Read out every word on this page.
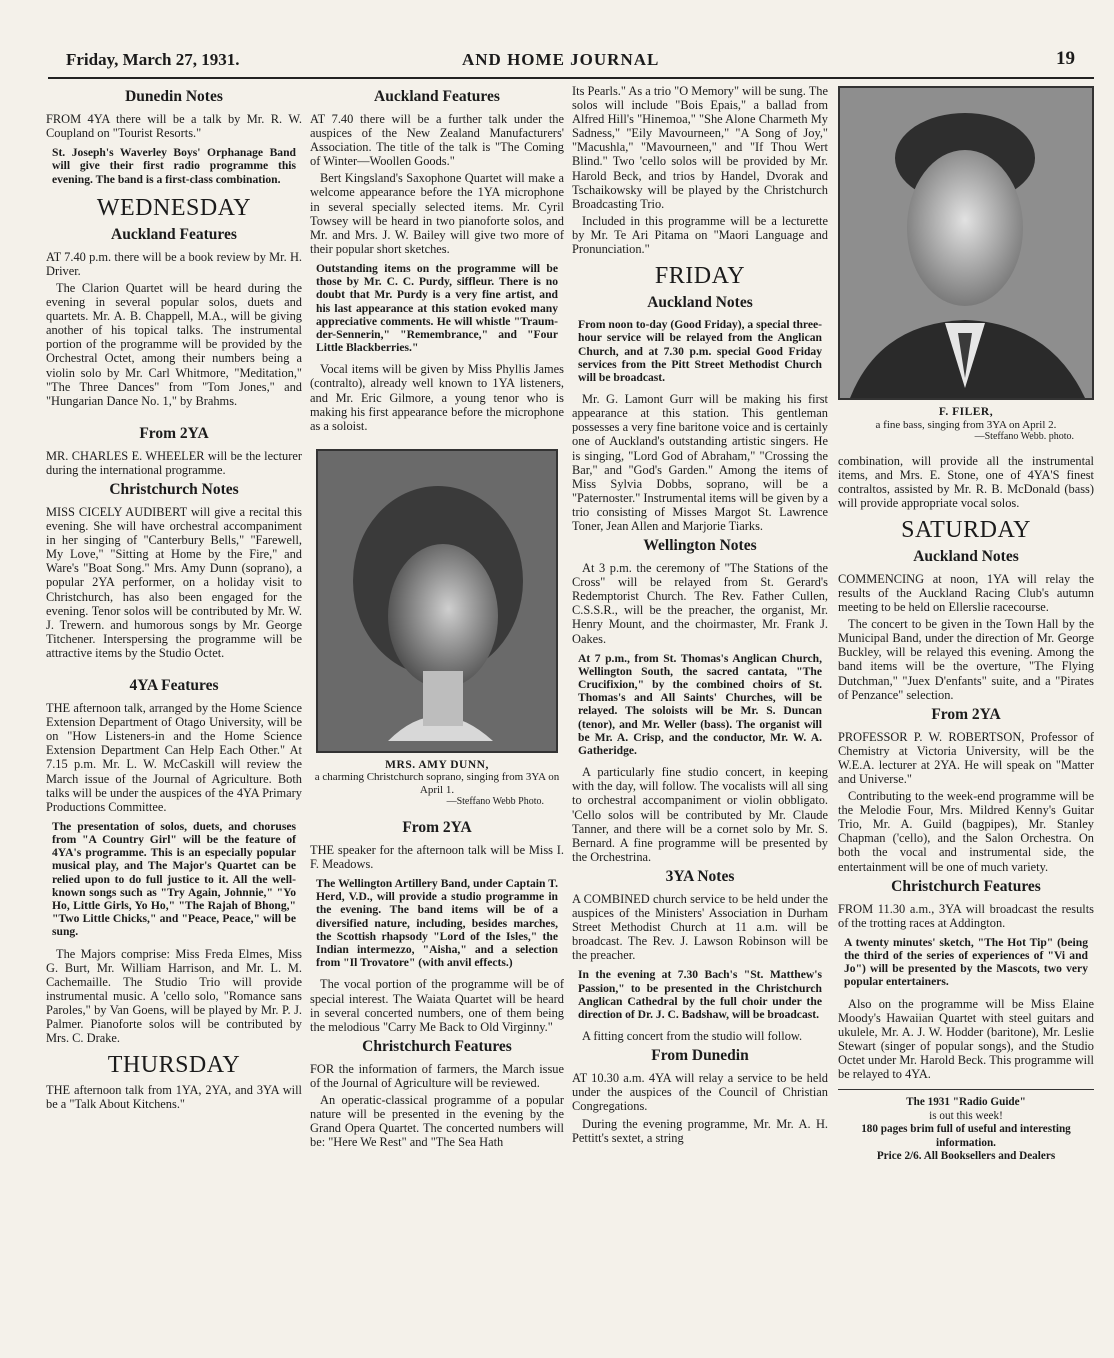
Friday, March 27, 1931.	AND HOME JOURNAL	19
Dunedin Notes

FROM 4YA there will be a talk by Mr. R. W. Coupland on "Tourist Resorts."

St. Joseph's Waverley Boys' Orphanage Band will give their first radio programme this evening. The band is a first-class combination.

WEDNESDAY
Auckland Features

AT 7.40 p.m. there will be a book review by Mr. H. Driver.

The Clarion Quartet will be heard during the evening in several popular solos, duets and quartets. Mr. A. B. Chappell, M.A., will be giving another of his topical talks. The instrumental portion of the programme will be provided by the Orchestral Octet, among their numbers being a violin solo by Mr. Carl Whitmore, "Meditation," "The Three Dances" from "Tom Jones," and "Hungarian Dance No. 1," by Brahms.

From 2YA

MR. CHARLES E. WHEELER will be the lecturer during the international programme.

Christchurch Notes

MISS CICELY AUDIBERT will give a recital this evening. She will have orchestral accompaniment in her singing of "Canterbury Bells," "Farewell, My Love," "Sitting at Home by the Fire," and Ware's "Boat Song." Mrs. Amy Dunn (soprano), a popular 2YA performer, on a holiday visit to Christchurch, has also been engaged for the evening. Tenor solos will be contributed by Mr. W. J. Trewern. and humorous songs by Mr. George Titchener. Interspersing the programme will be attractive items by the Studio Octet.

4YA Features

THE afternoon talk, arranged by the Home Science Extension Department of Otago University, will be on "How Listeners-in and the Home Science Extension Department Can Help Each Other." At 7.15 p.m. Mr. L. W. McCaskill will review the March issue of the Journal of Agriculture. Both talks will be under the auspices of the 4YA Primary Productions Committee.

The presentation of solos, duets, and choruses from "A Country Girl" will be the feature of 4YA's programme. This is an especially popular musical play, and The Major's Quartet can be relied upon to do full justice to it. All the well-known songs such as "Try Again, Johnnie," "Yo Ho, Little Girls, Yo Ho," "The Rajah of Bhong," "Two Little Chicks," and "Peace, Peace," will be sung.

The Majors comprise: Miss Freda Elmes, Miss G. Burt, Mr. William Harrison, and Mr. L. M. Cachemaille. The Studio Trio will provide instrumental music. A 'cello solo, "Romance sans Paroles," by Van Goens, will be played by Mr. P. J. Palmer. Pianoforte solos will be contributed by Mrs. C. Drake.

THURSDAY

THE afternoon talk from 1YA, 2YA, and 3YA will be a "Talk About Kitchens."

Auckland Features

AT 7.40 there will be a further talk under the auspices of the New Zealand Manufacturers' Association. The title of the talk is "The Coming of Winter—Woollen Goods."

Bert Kingsland's Saxophone Quartet will make a welcome appearance before the 1YA microphone in several specially selected items. Mr. Cyril Towsey will be heard in two pianoforte solos, and Mr. and Mrs. J. W. Bailey will give two more of their popular short sketches.

Outstanding items on the programme will be those by Mr. C. C. Purdy, siffleur. There is no doubt that Mr. Purdy is a very fine artist, and his last appearance at this station evoked many appreciative comments. He will whistle "Traum-der-Sennerin," "Remembrance," and "Four Little Blackberries."

Vocal items will be given by Miss Phyllis James (contralto), already well known to 1YA listeners, and Mr. Eric Gilmore, a young tenor who is making his first appearance before the microphone as a soloist.

MRS. AMY DUNN,
a charming Christchurch soprano, singing from 3YA on April 1.
—Steffano Webb Photo.
From 2YA

THE speaker for the afternoon talk will be Miss I. F. Meadows.

The Wellington Artillery Band, under Captain T. Herd, V.D., will provide a studio programme in the evening. The band items will be of a diversified nature, including, besides marches, the Scottish rhapsody "Lord of the Isles," the Indian intermezzo, "Aisha," and a selection from "Il Trovatore" (with anvil effects.)

The vocal portion of the programme will be of special interest. The Waiata Quartet will be heard in several concerted numbers, one of them being the melodious "Carry Me Back to Old Virginny."

Christchurch Features

FOR the information of farmers, the March issue of the Journal of Agriculture will be reviewed.

An operatic-classical programme of a popular nature will be presented in the evening by the Grand Opera Quartet. The concerted numbers will be: "Here We Rest" and "The Sea Hath

Its Pearls." As a trio "O Memory" will be sung. The solos will include "Bois Epais," a ballad from Alfred Hill's "Hinemoa," "She Alone Charmeth My Sadness," "Eily Mavourneen," "A Song of Joy," "Macushla," "Mavourneen," and "If Thou Wert Blind." Two 'cello solos will be provided by Mr. Harold Beck, and trios by Handel, Dvorak and Tschaikowsky will be played by the Christchurch Broadcasting Trio.

Included in this programme will be a lecturette by Mr. Te Ari Pitama on "Maori Language and Pronunciation."

FRIDAY
Auckland Notes

From noon to-day (Good Friday), a special three-hour service will be relayed from the Anglican Church, and at 7.30 p.m. special Good Friday services from the Pitt Street Methodist Church will be broadcast.

Mr. G. Lamont Gurr will be making his first appearance at this station. This gentleman possesses a very fine baritone voice and is certainly one of Auckland's outstanding artistic singers. He is singing, "Lord God of Abraham," "Crossing the Bar," and "God's Garden." Among the items of Miss Sylvia Dobbs, soprano, will be a "Paternoster." Instrumental items will be given by a trio consisting of Misses Margot St. Lawrence Toner, Jean Allen and Marjorie Tiarks.

Wellington Notes

At 3 p.m. the ceremony of "The Stations of the Cross" will be relayed from St. Gerard's Redemptorist Church. The Rev. Father Cullen, C.S.S.R., will be the preacher, the organist, Mr. Henry Mount, and the choirmaster, Mr. Frank J. Oakes.

At 7 p.m., from St. Thomas's Anglican Church, Wellington South, the sacred cantata, "The Crucifixion," by the combined choirs of St. Thomas's and All Saints' Churches, will be relayed. The soloists will be Mr. S. Duncan (tenor), and Mr. Weller (bass). The organist will be Mr. A. Crisp, and the conductor, Mr. W. A. Gatheridge.

A particularly fine studio concert, in keeping with the day, will follow. The vocalists will all sing to orchestral accompaniment or violin obbligato. 'Cello solos will be contributed by Mr. Claude Tanner, and there will be a cornet solo by Mr. S. Bernard. A fine programme will be presented by the Orchestrina.

3YA Notes

A COMBINED church service to be held under the auspices of the Ministers' Association in Durham Street Methodist Church at 11 a.m. will be broadcast. The Rev. J. Lawson Robinson will be the preacher.

In the evening at 7.30 Bach's "St. Matthew's Passion," to be presented in the Christchurch Anglican Cathedral by the full choir under the direction of Dr. J. C. Badshaw, will be broadcast.

A fitting concert from the studio will follow.

From Dunedin

AT 10.30 a.m. 4YA will relay a service to be held under the auspices of the Council of Christian Congregations.

During the evening programme, Mr. Mr. A. H. Pettitt's sextet, a string

F. FILER,
a fine bass, singing from 3YA on April 2.
—Steffano Webb. photo.

combination, will provide all the instrumental items, and Mrs. E. Stone, one of 4YA'S finest contraltos, assisted by Mr. R. B. McDonald (bass) will provide appropriate vocal solos.

SATURDAY
Auckland Notes

COMMENCING at noon, 1YA will relay the results of the Auckland Racing Club's autumn meeting to be held on Ellerslie racecourse.

The concert to be given in the Town Hall by the Municipal Band, under the direction of Mr. George Buckley, will be relayed this evening. Among the band items will be the overture, "The Flying Dutchman," "Juex D'enfants" suite, and a "Pirates of Penzance" selection.

From 2YA

PROFESSOR P. W. ROBERTSON, Professor of Chemistry at Victoria University, will be the W.E.A. lecturer at 2YA. He will speak on "Matter and Universe."

Contributing to the week-end programme will be the Melodie Four, Mrs. Mildred Kenny's Guitar Trio, Mr. A. Guild (bagpipes), Mr. Stanley Chapman ('cello), and the Salon Orchestra. On both the vocal and instrumental side, the entertainment will be one of much variety.

Christchurch Features

FROM 11.30 a.m., 3YA will broadcast the results of the trotting races at Addington.

A twenty minutes' sketch, "The Hot Tip" (being the third of the series of experiences of "Vi and Jo") will be presented by the Mascots, two very popular entertainers.

Also on the programme will be Miss Elaine Moody's Hawaiian Quartet with steel guitars and ukulele, Mr. A. J. W. Hodder (baritone), Mr. Leslie Stewart (singer of popular songs), and the Studio Octet under Mr. Harold Beck. This programme will be relayed to 4YA.

The 1931 "Radio Guide"
is out this week!
180 pages brim full of useful and interesting information.
Price 2/6. All Booksellers and Dealers
